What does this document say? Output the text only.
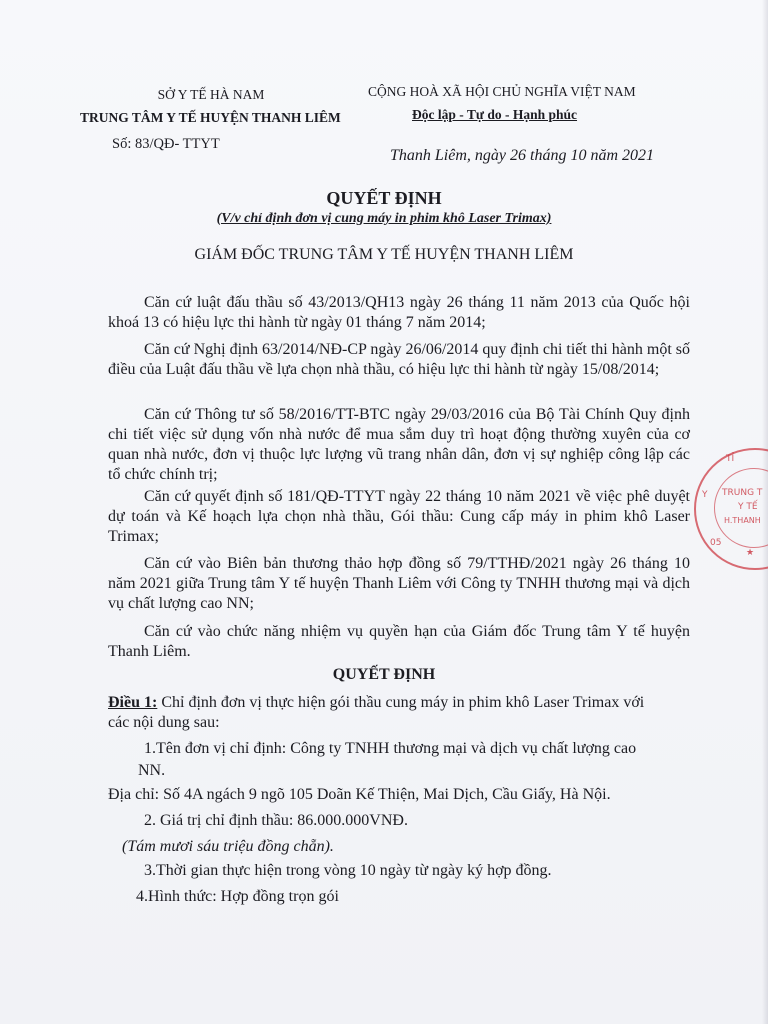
SỞ Y TẾ HÀ NAM
TRUNG TÂM Y TẾ HUYỆN THANH LIÊM
Số: 83/QĐ- TTYT
CỘNG HOÀ XÃ HỘI CHỦ NGHĨA VIỆT NAM
Độc lập - Tự do - Hạnh phúc
Thanh Liêm, ngày 26 tháng 10 năm 2021
QUYẾT ĐỊNH
(V/v chỉ định đơn vị cung máy in phim khô Laser Trimax)
GIÁM ĐỐC TRUNG TÂM Y TẾ HUYỆN THANH LIÊM
Căn cứ luật đấu thầu số 43/2013/QH13 ngày 26 tháng 11 năm 2013 của Quốc hội khoá 13 có hiệu lực thi hành từ ngày 01 tháng 7 năm 2014;
Căn cứ Nghị định 63/2014/NĐ-CP ngày 26/06/2014 quy định chi tiết thi hành một số điều của Luật đấu thầu về lựa chọn nhà thầu, có hiệu lực thi hành từ ngày 15/08/2014;
Căn cứ Thông tư số 58/2016/TT-BTC ngày 29/03/2016 của Bộ Tài Chính Quy định chi tiết việc sử dụng vốn nhà nước để mua sắm duy trì hoạt động thường xuyên của cơ quan nhà nước, đơn vị thuộc lực lượng vũ trang nhân dân, đơn vị sự nghiệp công lập các tổ chức chính trị;
Căn cứ quyết định số 181/QĐ-TTYT ngày 22 tháng 10 năm 2021 về việc phê duyệt dự toán và Kế hoạch lựa chọn nhà thầu, Gói thầu: Cung cấp máy in phim khô Laser Trimax;
Căn cứ vào Biên bản thương thảo hợp đồng số 79/TTHĐ/2021 ngày 26 tháng 10 năm 2021 giữa Trung tâm Y tế huyện Thanh Liêm với Công ty TNHH thương mại và dịch vụ chất lượng cao NN;
Căn cứ vào chức năng nhiệm vụ quyền hạn của Giám đốc Trung tâm Y tế huyện Thanh Liêm.
QUYẾT ĐỊNH
Điều 1: Chỉ định đơn vị thực hiện gói thầu cung máy in phim khô Laser Trimax với
các nội dung sau:
1.Tên đơn vị chỉ định: Công ty TNHH thương mại và dịch vụ chất lượng cao
NN.
Địa chỉ: Số 4A ngách 9 ngõ 105 Doãn Kế Thiện, Mai Dịch, Cầu Giấy, Hà Nội.
2. Giá trị chỉ định thầu: 86.000.000VNĐ.
(Tám mươi sáu triệu đồng chẵn).
3.Thời gian thực hiện trong vòng 10 ngày từ ngày ký hợp đồng.
4.Hình thức: Hợp đồng trọn gói
TỈ
Y TRUNG T
Y TẾ
H.THANH
05
★
